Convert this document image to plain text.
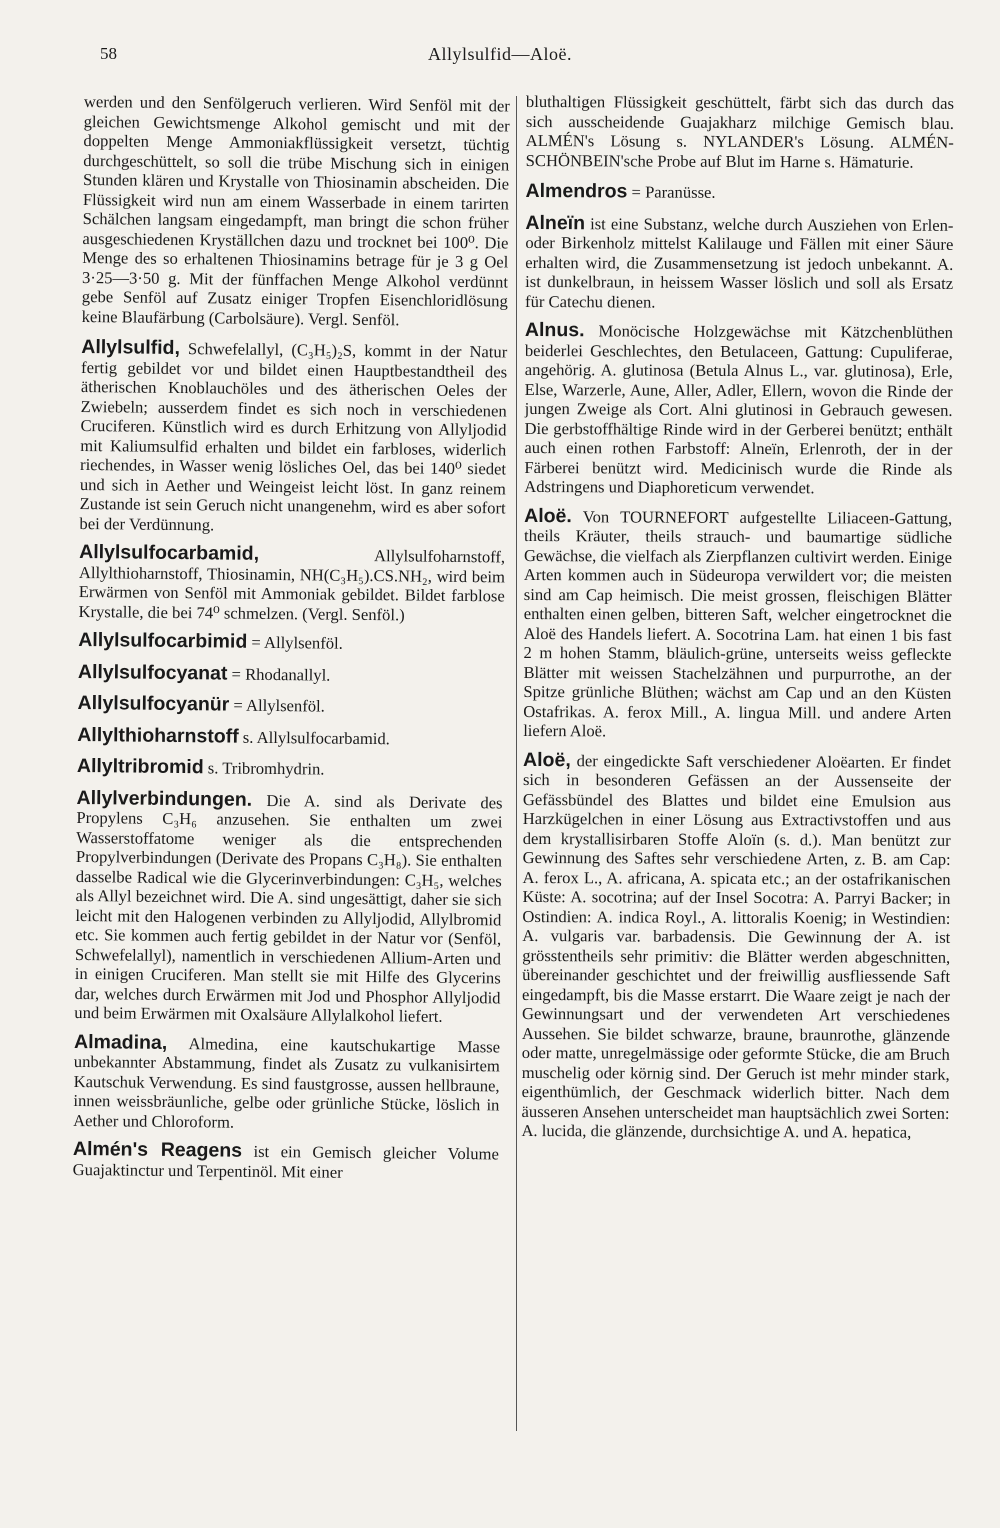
58	Allylsulfid—Aloë.

werden und den Senfölgeruch verlieren. Wird Senföl mit der gleichen Gewichtsmenge Alkohol gemischt und mit der doppelten Menge Ammoniakflüssigkeit versetzt, tüchtig durchgeschüttelt, so soll die trübe Mischung sich in einigen Stunden klären und Krystalle von Thiosinamin abscheiden. Die Flüssigkeit wird nun am einem Wasserbade in einem tarirten Schälchen langsam eingedampft, man bringt die schon früher ausgeschiedenen Kryställchen dazu und trocknet bei 100⁰. Die Menge des so erhaltenen Thiosinamins betrage für je 3 g Oel 3·25—3·50 g. Mit der fünffachen Menge Alkohol verdünnt gebe Senföl auf Zusatz einiger Tropfen Eisenchloridlösung keine Blaufärbung (Carbolsäure). Vergl. Senföl.

Allylsulfid, Schwefelallyl, (C₃H₅)₂S, kommt in der Natur fertig gebildet vor und bildet einen Hauptbestandtheil des ätherischen Knoblauchöles und des ätherischen Oeles der Zwiebeln; ausserdem findet es sich noch in verschiedenen Cruciferen. Künstlich wird es durch Erhitzung von Allyljodid mit Kaliumsulfid erhalten und bildet ein farbloses, widerlich riechendes, in Wasser wenig lösliches Oel, das bei 140⁰ siedet und sich in Aether und Weingeist leicht löst. In ganz reinem Zustande ist sein Geruch nicht unangenehm, wird es aber sofort bei der Verdünnung.

Allylsulfocarbamid,	Allylsulfoharnstoff, Allylthioharnstoff, Thiosinamin, NH(C₃H₅).CS.NH₂, wird beim Erwärmen von Senföl mit Ammoniak gebildet. Bildet farblose Krystalle, die bei 74⁰ schmelzen. (Vergl. Senföl.)

Allylsulfocarbimid = Allylsenföl.

Allylsulfocyanat = Rhodanallyl.

Allylsulfocyanür = Allylsenföl.

Allylthioharnstoff s. Allylsulfocarbamid.

Allyltribromid s. Tribromhydrin.

Allylverbindungen. Die A. sind als Derivate des Propylens C₃H₆ anzusehen. Sie enthalten um zwei Wasserstoffatome weniger als die entsprechenden Propylverbindungen (Derivate des Propans C₃H₈). Sie enthalten dasselbe Radical wie die Glycerinverbindungen: C₃H₅, welches als Allyl bezeichnet wird. Die A. sind ungesättigt, daher sie sich leicht mit den Halogenen verbinden zu Allyljodid, Allylbromid etc. Sie kommen auch fertig gebildet in der Natur vor (Senföl, Schwefelallyl), namentlich in verschiedenen Allium-Arten und in einigen Cruciferen. Man stellt sie mit Hilfe des Glycerins dar, welches durch Erwärmen mit Jod und Phosphor Allyljodid und beim Erwärmen mit Oxalsäure Allylalkohol liefert.

Almadina, Almedina, eine kautschukartige Masse unbekannter Abstammung, findet als Zusatz zu vulkanisirtem Kautschuk Verwendung. Es sind faustgrosse, aussen hellbraune, innen weissbräunliche, gelbe oder grünliche Stücke, löslich in Aether und Chloroform.

Almén's Reagens ist ein Gemisch gleicher Volume Guajaktinctur und Terpentinöl. Mit einer

bluthaltigen Flüssigkeit geschüttelt, färbt sich das durch das sich ausscheidende Guajakharz milchige Gemisch blau. ALMÉN's Lösung s. NYLANDER's Lösung. ALMÉN-SCHÖNBEIN'sche Probe auf Blut im Harne s. Hämaturie.

Almendros = Paranüsse.

Alneïn ist eine Substanz, welche durch Ausziehen von Erlen- oder Birkenholz mittelst Kalilauge und Fällen mit einer Säure erhalten wird, die Zusammensetzung ist jedoch unbekannt. A. ist dunkelbraun, in heissem Wasser löslich und soll als Ersatz für Catechu dienen.

Alnus. Monöcische Holzgewächse mit Kätzchenblüthen beiderlei Geschlechtes, den Betulaceen, Gattung: Cupuliferae, angehörig. A. glutinosa (Betula Alnus L., var. glutinosa), Erle, Else, Warzerle, Aune, Aller, Adler, Ellern, wovon die Rinde der jungen Zweige als Cort. Alni glutinosi in Gebrauch gewesen. Die gerbstoffhältige Rinde wird in der Gerberei benützt; enthält auch einen rothen Farbstoff: Alneïn, Erlenroth, der in der Färberei benützt wird. Medicinisch wurde die Rinde als Adstringens und Diaphoreticum verwendet.

Aloë. Von TOURNEFORT aufgestellte Liliaceen-Gattung, theils Kräuter, theils strauch- und baumartige südliche Gewächse, die vielfach als Zierpflanzen cultivirt werden. Einige Arten kommen auch in Südeuropa verwildert vor; die meisten sind am Cap heimisch. Die meist grossen, fleischigen Blätter enthalten einen gelben, bitteren Saft, welcher eingetrocknet die Aloë des Handels liefert. A. Socotrina Lam. hat einen 1 bis fast 2 m hohen Stamm, bläulich-grüne, unterseits weiss gefleckte Blätter mit weissen Stachelzähnen und purpurrothe, an der Spitze grünliche Blüthen; wächst am Cap und an den Küsten Ostafrikas. A. ferox Mill., A. lingua Mill. und andere Arten liefern Aloë.

Aloë, der eingedickte Saft verschiedener Aloëarten. Er findet sich in besonderen Gefässen an der Aussenseite der Gefässbündel des Blattes und bildet eine Emulsion aus Harzkügelchen in einer Lösung aus Extractivstoffen und aus dem krystallisirbaren Stoffe Aloïn (s. d.). Man benützt zur Gewinnung des Saftes sehr verschiedene Arten, z. B. am Cap: A. ferox L., A. africana, A. spicata etc.; an der ostafrikanischen Küste: A. socotrina; auf der Insel Socotra: A. Parryi Backer; in Ostindien: A. indica Royl., A. littoralis Koenig; in Westindien: A. vulgaris var. barbadensis. Die Gewinnung der A. ist grösstentheils sehr primitiv: die Blätter werden abgeschnitten, übereinander geschichtet und der freiwillig ausfliessende Saft eingedampft, bis die Masse erstarrt. Die Waare zeigt je nach der Gewinnungsart und der verwendeten Art verschiedenes Aussehen. Sie bildet schwarze, braune, braunrothe, glänzende oder matte, unregelmässige oder geformte Stücke, die am Bruch muschelig oder körnig sind. Der Geruch ist mehr minder stark, eigenthümlich, der Geschmack widerlich bitter. Nach dem äusseren Ansehen unterscheidet man hauptsächlich zwei Sorten: A. lucida, die glänzende, durchsichtige A. und A. hepatica,
